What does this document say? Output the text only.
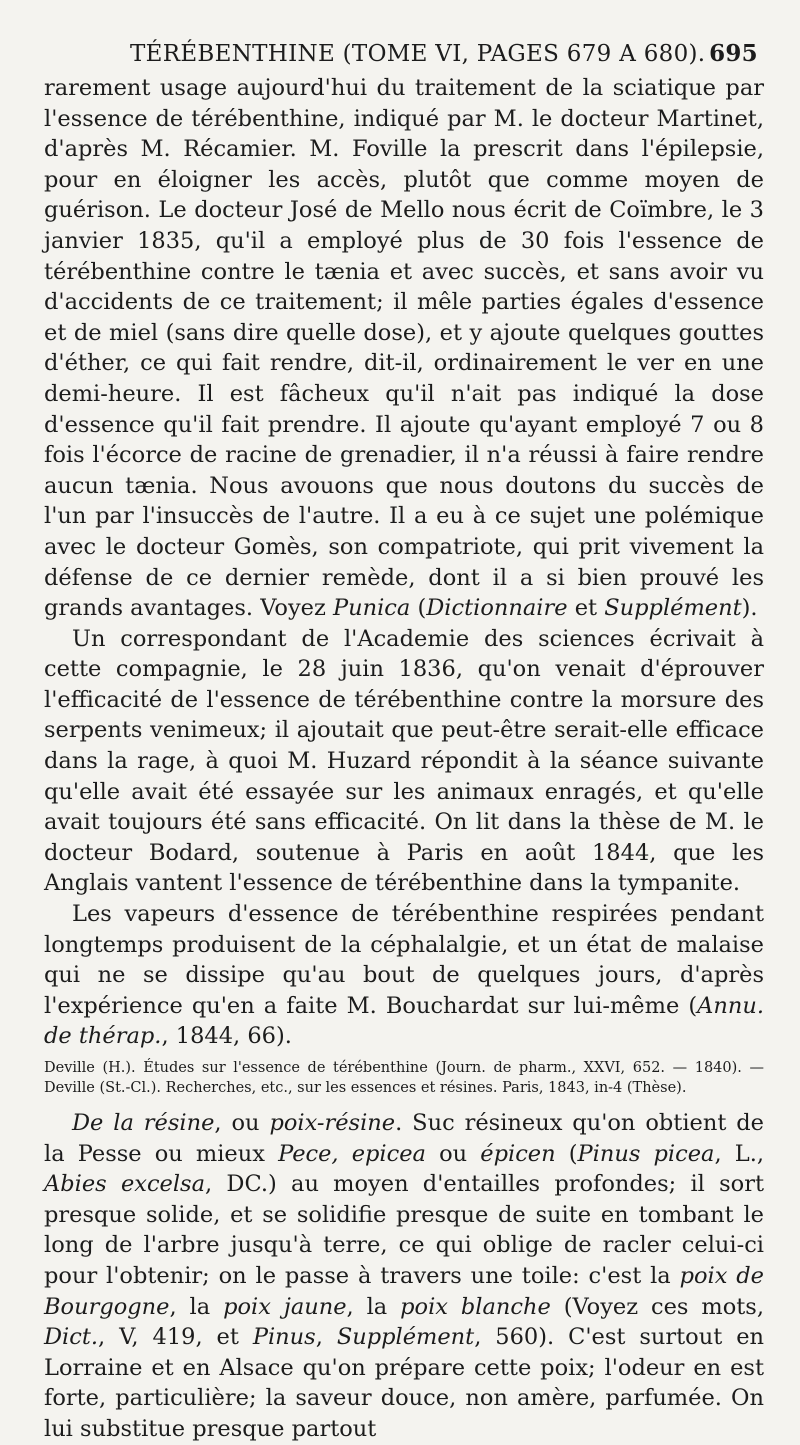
TÉRÉBENTHINE (TOME VI, PAGES 679 A 680). 695

rarement usage aujourd'hui du traitement de la sciatique par l'essence de térébenthine, indiqué par M. le docteur Martinet, d'après M. Récamier. M. Foville la prescrit dans l'épilepsie, pour en éloigner les accès, plutôt que comme moyen de guérison. Le docteur José de Mello nous écrit de Coïmbre, le 3 janvier 1835, qu'il a employé plus de 30 fois l'essence de térébenthine contre le tænia et avec succès, et sans avoir vu d'accidents de ce traitement; il mêle parties égales d'essence et de miel (sans dire quelle dose), et y ajoute quelques gouttes d'éther, ce qui fait rendre, dit-il, ordinairement le ver en une demi-heure. Il est fâcheux qu'il n'ait pas indiqué la dose d'essence qu'il fait prendre. Il ajoute qu'ayant employé 7 ou 8 fois l'écorce de racine de grenadier, il n'a réussi à faire rendre aucun tænia. Nous avouons que nous doutons du succès de l'un par l'insuccès de l'autre. Il a eu à ce sujet une polémique avec le docteur Gomès, son compatriote, qui prit vivement la défense de ce dernier remède, dont il a si bien prouvé les grands avantages. Voyez Punica (Dictionnaire et Supplément).

Un correspondant de l'Academie des sciences écrivait à cette compagnie, le 28 juin 1836, qu'on venait d'éprouver l'efficacité de l'essence de térébenthine contre la morsure des serpents venimeux; il ajoutait que peut-être serait-elle efficace dans la rage, à quoi M. Huzard répondit à la séance suivante qu'elle avait été essayée sur les animaux enragés, et qu'elle avait toujours été sans efficacité. On lit dans la thèse de M. le docteur Bodard, soutenue à Paris en août 1844, que les Anglais vantent l'essence de térébenthine dans la tympanite.

Les vapeurs d'essence de térébenthine respirées pendant longtemps produisent de la céphalalgie, et un état de malaise qui ne se dissipe qu'au bout de quelques jours, d'après l'expérience qu'en a faite M. Bouchardat sur lui-même (Annu. de thérap., 1844, 66).

Deville (H.). Études sur l'essence de térébenthine (Journ. de pharm., XXVI, 652. — 1840). — Deville (St.-Cl.). Recherches, etc., sur les essences et résines. Paris, 1843, in-4 (Thèse).

De la résine, ou poix-résine. Suc résineux qu'on obtient de la Pesse ou mieux Pece, epicea ou épicen (Pinus picea, L., Abies excelsa, DC.) au moyen d'entailles profondes; il sort presque solide, et se solidifie presque de suite en tombant le long de l'arbre jusqu'à terre, ce qui oblige de racler celui-ci pour l'obtenir; on le passe à travers une toile: c'est la poix de Bourgogne, la poix jaune, la poix blanche (Voyez ces mots, Dict., V, 419, et Pinus, Supplément, 560). C'est surtout en Lorraine et en Alsace qu'on prépare cette poix; l'odeur en est forte, particulière; la saveur douce, non amère, parfumée. On lui substitue presque partout
